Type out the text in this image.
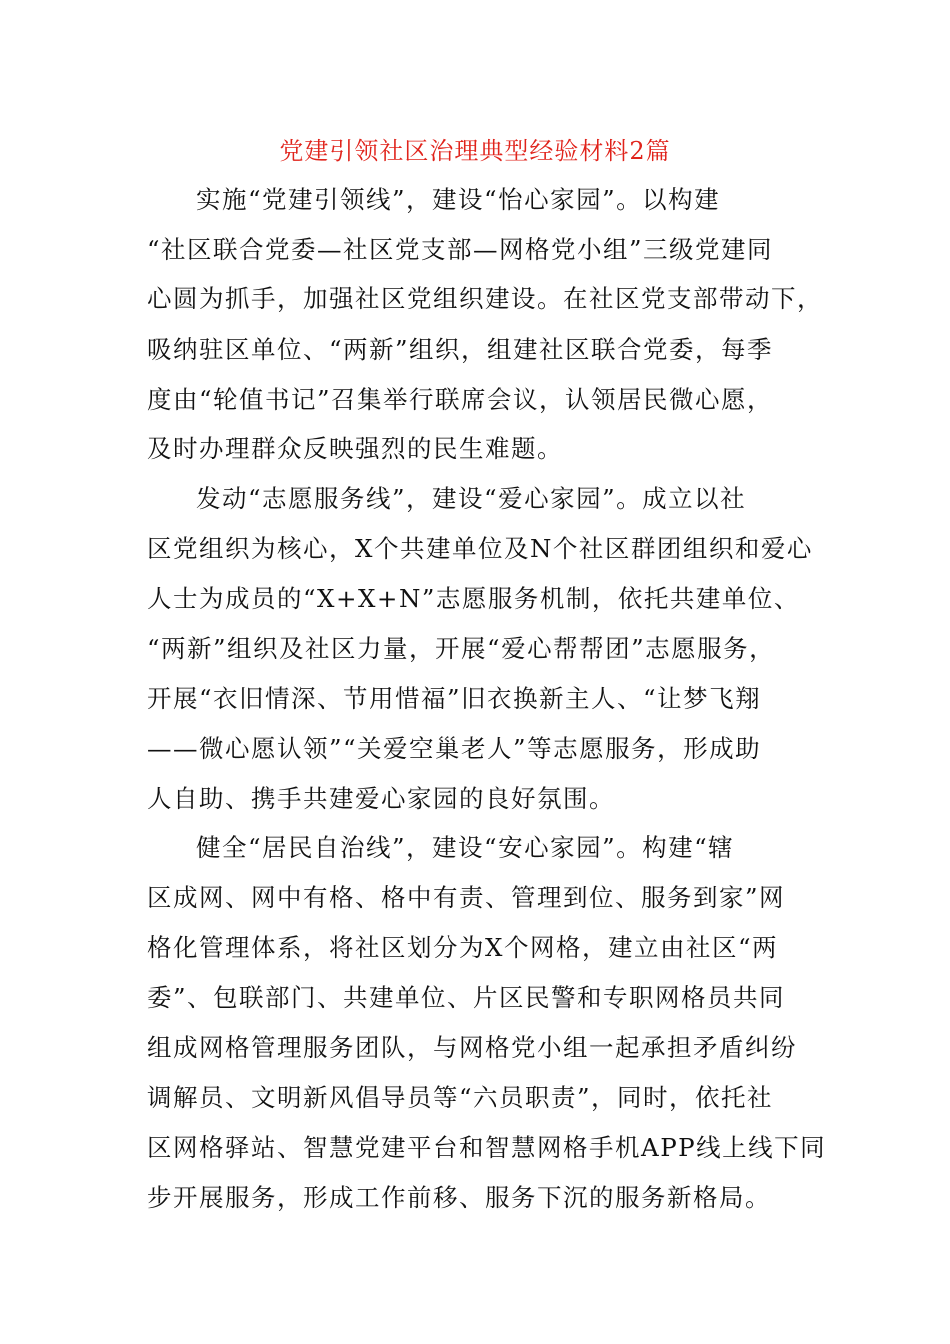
党建引领社区治理典型经验材料2篇
实施“党建引领线”，建设“怡心家园”。以构建
“社区联合党委—社区党支部—网格党小组”三级党建同
心圆为抓手，加强社区党组织建设。在社区党支部带动下，
吸纳驻区单位、“两新”组织，组建社区联合党委，每季
度由“轮值书记”召集举行联席会议，认领居民微心愿，
及时办理群众反映强烈的民生难题。
发动“志愿服务线”，建设“爱心家园”。成立以社
区党组织为核心，X个共建单位及N个社区群团组织和爱心
人士为成员的“X+X+N”志愿服务机制，依托共建单位、
“两新”组织及社区力量，开展“爱心帮帮团”志愿服务，
开展“衣旧情深、节用惜福”旧衣换新主人、“让梦飞翔
——微心愿认领”“关爱空巢老人”等志愿服务，形成助
人自助、携手共建爱心家园的良好氛围。
健全“居民自治线”，建设“安心家园”。构建“辖
区成网、网中有格、格中有责、管理到位、服务到家”网
格化管理体系，将社区划分为X个网格，建立由社区“两
委”、包联部门、共建单位、片区民警和专职网格员共同
组成网格管理服务团队，与网格党小组一起承担矛盾纠纷
调解员、文明新风倡导员等“六员职责”，同时，依托社
区网格驿站、智慧党建平台和智慧网格手机APP线上线下同
步开展服务，形成工作前移、服务下沉的服务新格局。
